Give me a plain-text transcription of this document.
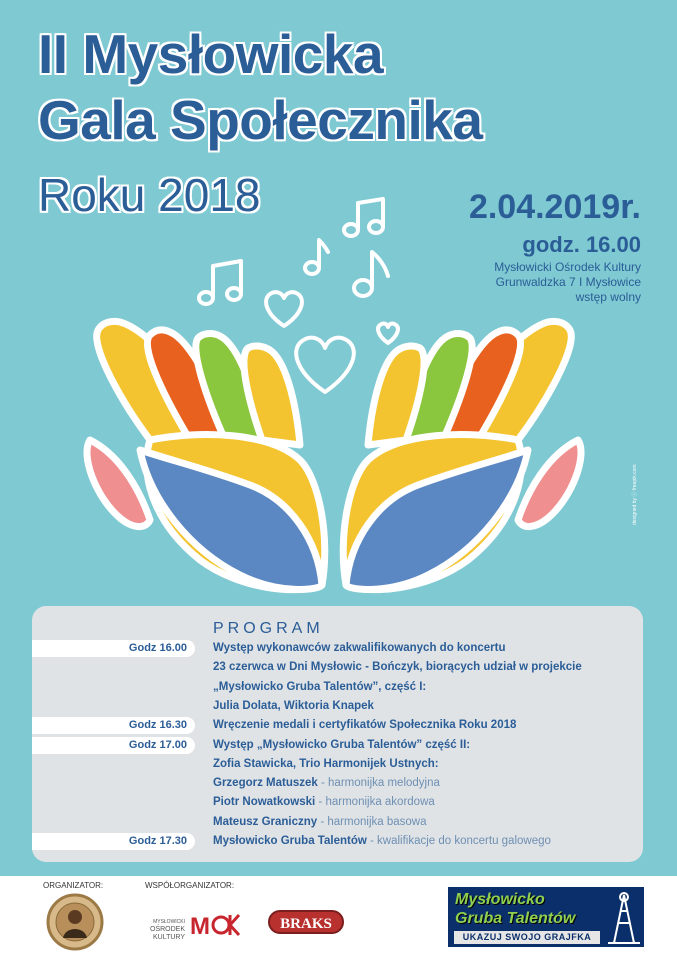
II Mysłowicka
Gala Społecznika
Roku 2018	2.04.2019r.
godz. 16.00
Mysłowicki Ośrodek Kultury
Grunwaldzka 7 I Mysłowice
wstęp wolny
designed by ⓒ freepik.com
PROGRAM
Godz 16.00 Występ wykonawców zakwalifikowanych do koncertu
23 czerwca w Dni Mysłowic - Bończyk, biorących udział w projekcie
„Mysłowicko Gruba Talentów”, część I:
Julia Dolata, Wiktoria Knapek
Godz 16.30 Wręczenie medali i certyfikatów Społecznika Roku 2018
Godz 17.00 Występ „Mysłowicko Gruba Talentów” część II:
Zofia Stawicka, Trio Harmonijek Ustnych:
Grzegorz Matuszek - harmonijka melodyjna
Piotr Nowatkowski - harmonijka akordowa
Mateusz Graniczny - harmonijka basowa
Godz 17.30 Mysłowicko Gruba Talentów - kwalifikacje do koncertu galowego
ORGANIZATOR:	WSPÓŁORGANIZATOR:
MYSŁOWICKI
OŚRODEK
KULTURY M	BRAKS
Mysłowicko
Gruba Talentów
UKAZUJ SWOJO GRAJFKA
